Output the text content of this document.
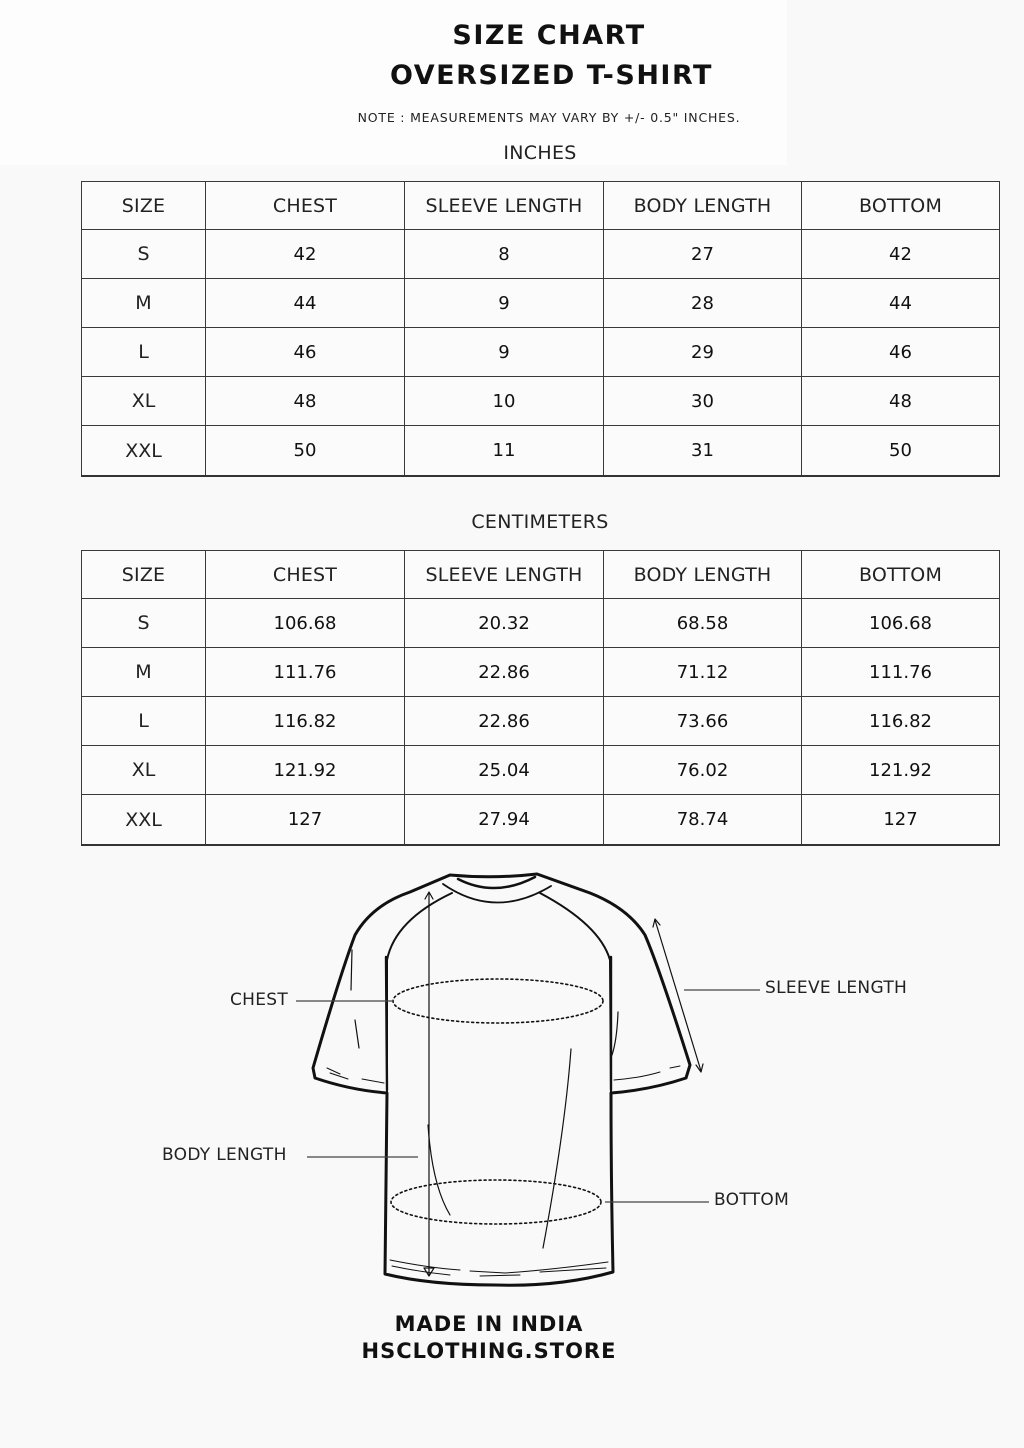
SIZE CHART
OVERSIZED T-SHIRT
NOTE : MEASUREMENTS MAY VARY BY +/- 0.5" INCHES.
INCHES
SIZE	CHEST	SLEEVE LENGTH	BODY LENGTH	BOTTOM
S	42	8	27	42
M	44	9	28	44
L	46	9	29	46
XL	48	10	30	48
XXL	50	11	31	50
CENTIMETERS
SIZE	CHEST	SLEEVE LENGTH	BODY LENGTH	BOTTOM
S	106.68	20.32	68.58	106.68
M	111.76	22.86	71.12	111.76
L	116.82	22.86	73.66	116.82
XL	121.92	25.04	76.02	121.92
XXL	127	27.94	78.74	127
CHEST
SLEEVE LENGTH
BODY LENGTH
BOTTOM
MADE IN INDIA
HSCLOTHING.STORE
